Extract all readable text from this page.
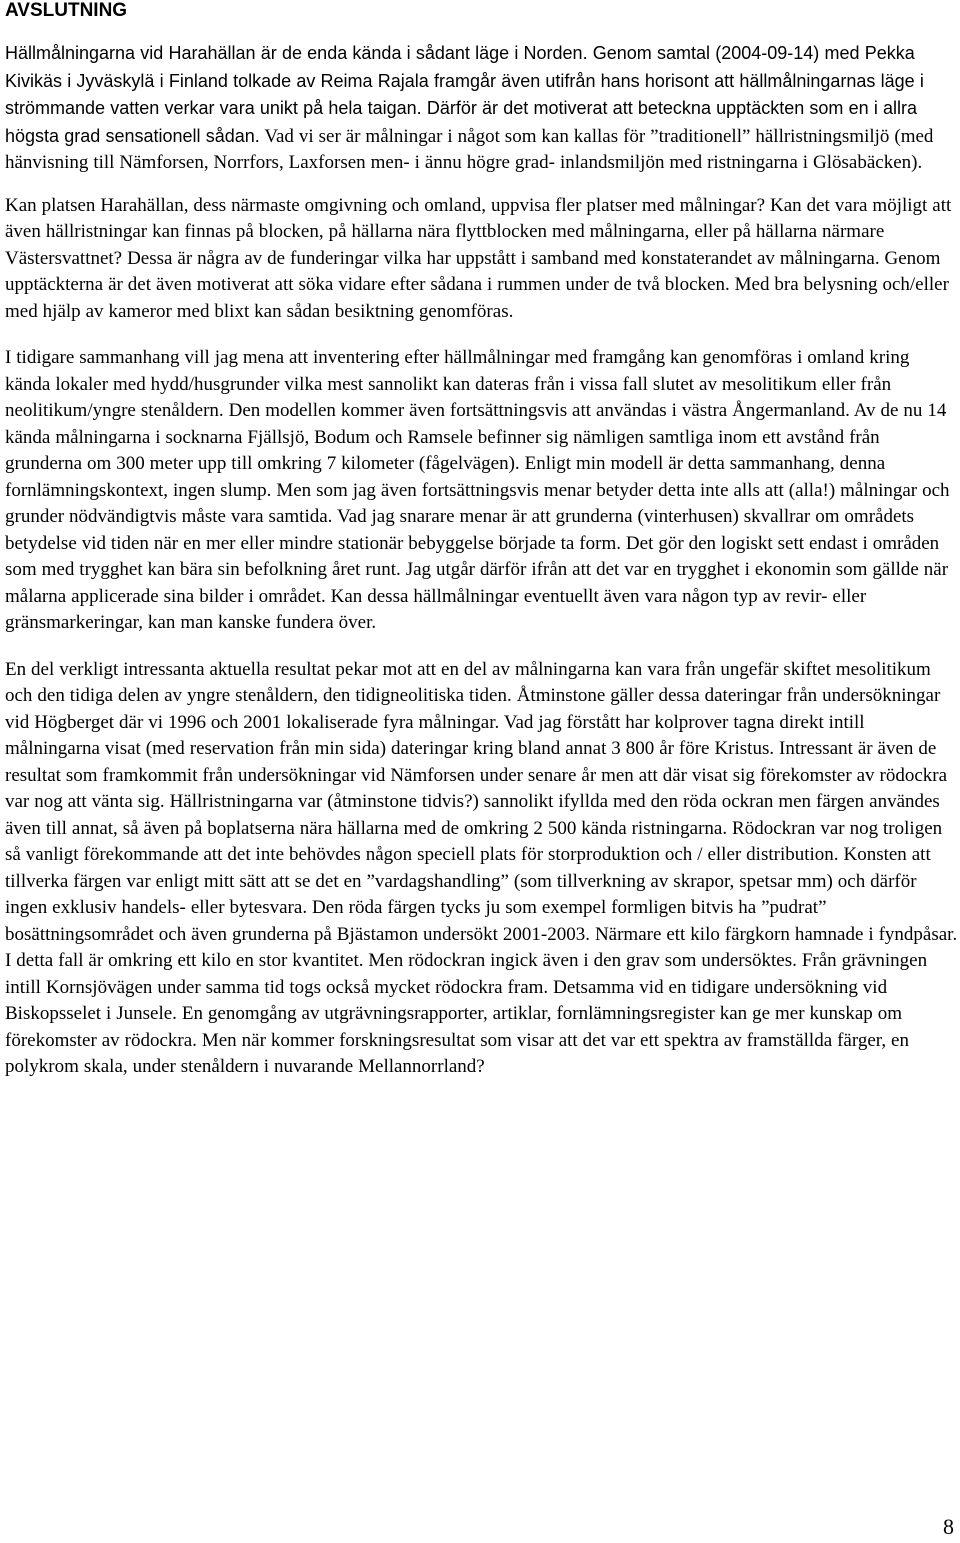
AVSLUTNING

Hällmålningarna vid Harahällan är de enda kända i sådant läge i Norden. Genom samtal (2004-09-14) med Pekka Kivikäs i Jyväskylä i Finland tolkade av Reima Rajala framgår även utifrån hans horisont att hällmålningarnas läge i strömmande vatten verkar vara unikt på hela taigan. Därför är det motiverat att beteckna upptäckten som en i allra högsta grad sensationell sådan. Vad vi ser är målningar i något som kan kallas för ”traditionell” hällristningsmiljö (med hänvisning till Nämforsen, Norrfors, Laxforsen men- i ännu högre grad- inlandsmiljön med ristningarna i Glösabäcken).

Kan platsen Harahällan, dess närmaste omgivning och omland, uppvisa fler platser med målningar? Kan det vara möjligt att även hällristningar kan finnas på blocken, på hällarna nära flyttblocken med målningarna, eller på hällarna närmare Västersvattnet? Dessa är några av de funderingar vilka har uppstått i samband med konstaterandet av målningarna. Genom upptäckterna är det även motiverat att söka vidare efter sådana i rummen under de två blocken. Med bra belysning och/eller med hjälp av kameror med blixt kan sådan besiktning genomföras.

I tidigare sammanhang vill jag mena att inventering efter hällmålningar med framgång kan genomföras i omland kring kända lokaler med hydd/husgrunder vilka mest sannolikt kan dateras från i vissa fall slutet av mesolitikum eller från neolitikum/yngre stenåldern. Den modellen kommer även fortsättningsvis att användas i västra Ångermanland. Av de nu 14 kända målningarna i socknarna Fjällsjö, Bodum och Ramsele befinner sig nämligen samtliga inom ett avstånd från grunderna om 300 meter upp till omkring 7 kilometer (fågelvägen). Enligt min modell är detta sammanhang, denna fornlämningskontext, ingen slump. Men som jag även fortsättningsvis menar betyder detta inte alls att (alla!) målningar och grunder nödvändigtvis måste vara samtida. Vad jag snarare menar är att grunderna (vinterhusen) skvallrar om områdets betydelse vid tiden när en mer eller mindre stationär bebyggelse började ta form. Det gör den logiskt sett endast i områden som med trygghet kan bära sin befolkning året runt. Jag utgår därför ifrån att det var en trygghet i ekonomin som gällde när målarna applicerade sina bilder i området. Kan dessa hällmålningar eventuellt även vara någon typ av revir- eller gränsmarkeringar, kan man kanske fundera över.

En del verkligt intressanta aktuella resultat pekar mot att en del av målningarna kan vara från ungefär skiftet mesolitikum och den tidiga delen av yngre stenåldern, den tidigneolitiska tiden. Åtminstone gäller dessa dateringar från undersökningar vid Högberget där vi 1996 och 2001 lokaliserade fyra målningar. Vad jag förstått har kolprover tagna direkt intill målningarna visat (med reservation från min sida) dateringar kring bland annat 3 800 år före Kristus. Intressant är även de resultat som framkommit från undersökningar vid Nämforsen under senare år men att där visat sig förekomster av rödockra var nog att vänta sig. Hällristningarna var (åtminstone tidvis?) sannolikt ifyllda med den röda ockran men färgen användes även till annat, så även på boplatserna nära hällarna med de omkring 2 500 kända ristningarna. Rödockran var nog troligen så vanligt förekommande att det inte behövdes någon speciell plats för storproduktion och / eller distribution. Konsten att tillverka färgen var enligt mitt sätt att se det en ”vardagshandling” (som tillverkning av skrapor, spetsar mm) och därför ingen exklusiv handels- eller bytesvara. Den röda färgen tycks ju som exempel formligen bitvis ha ”pudrat” bosättningsområdet och även grunderna på Bjästamon undersökt 2001-2003. Närmare ett kilo färgkorn hamnade i fyndpåsar. I detta fall är omkring ett kilo en stor kvantitet. Men rödockran ingick även i den grav som undersöktes. Från grävningen intill Kornsjövägen under samma tid togs också mycket rödockra fram. Detsamma vid en tidigare undersökning vid Biskopsselet i Junsele. En genomgång av utgrävningsrapporter, artiklar, fornlämningsregister kan ge mer kunskap om förekomster av rödockra. Men när kommer forskningsresultat som visar att det var ett spektra av framställda färger, en polykrom skala, under stenåldern i nuvarande Mellannorrland?

8
